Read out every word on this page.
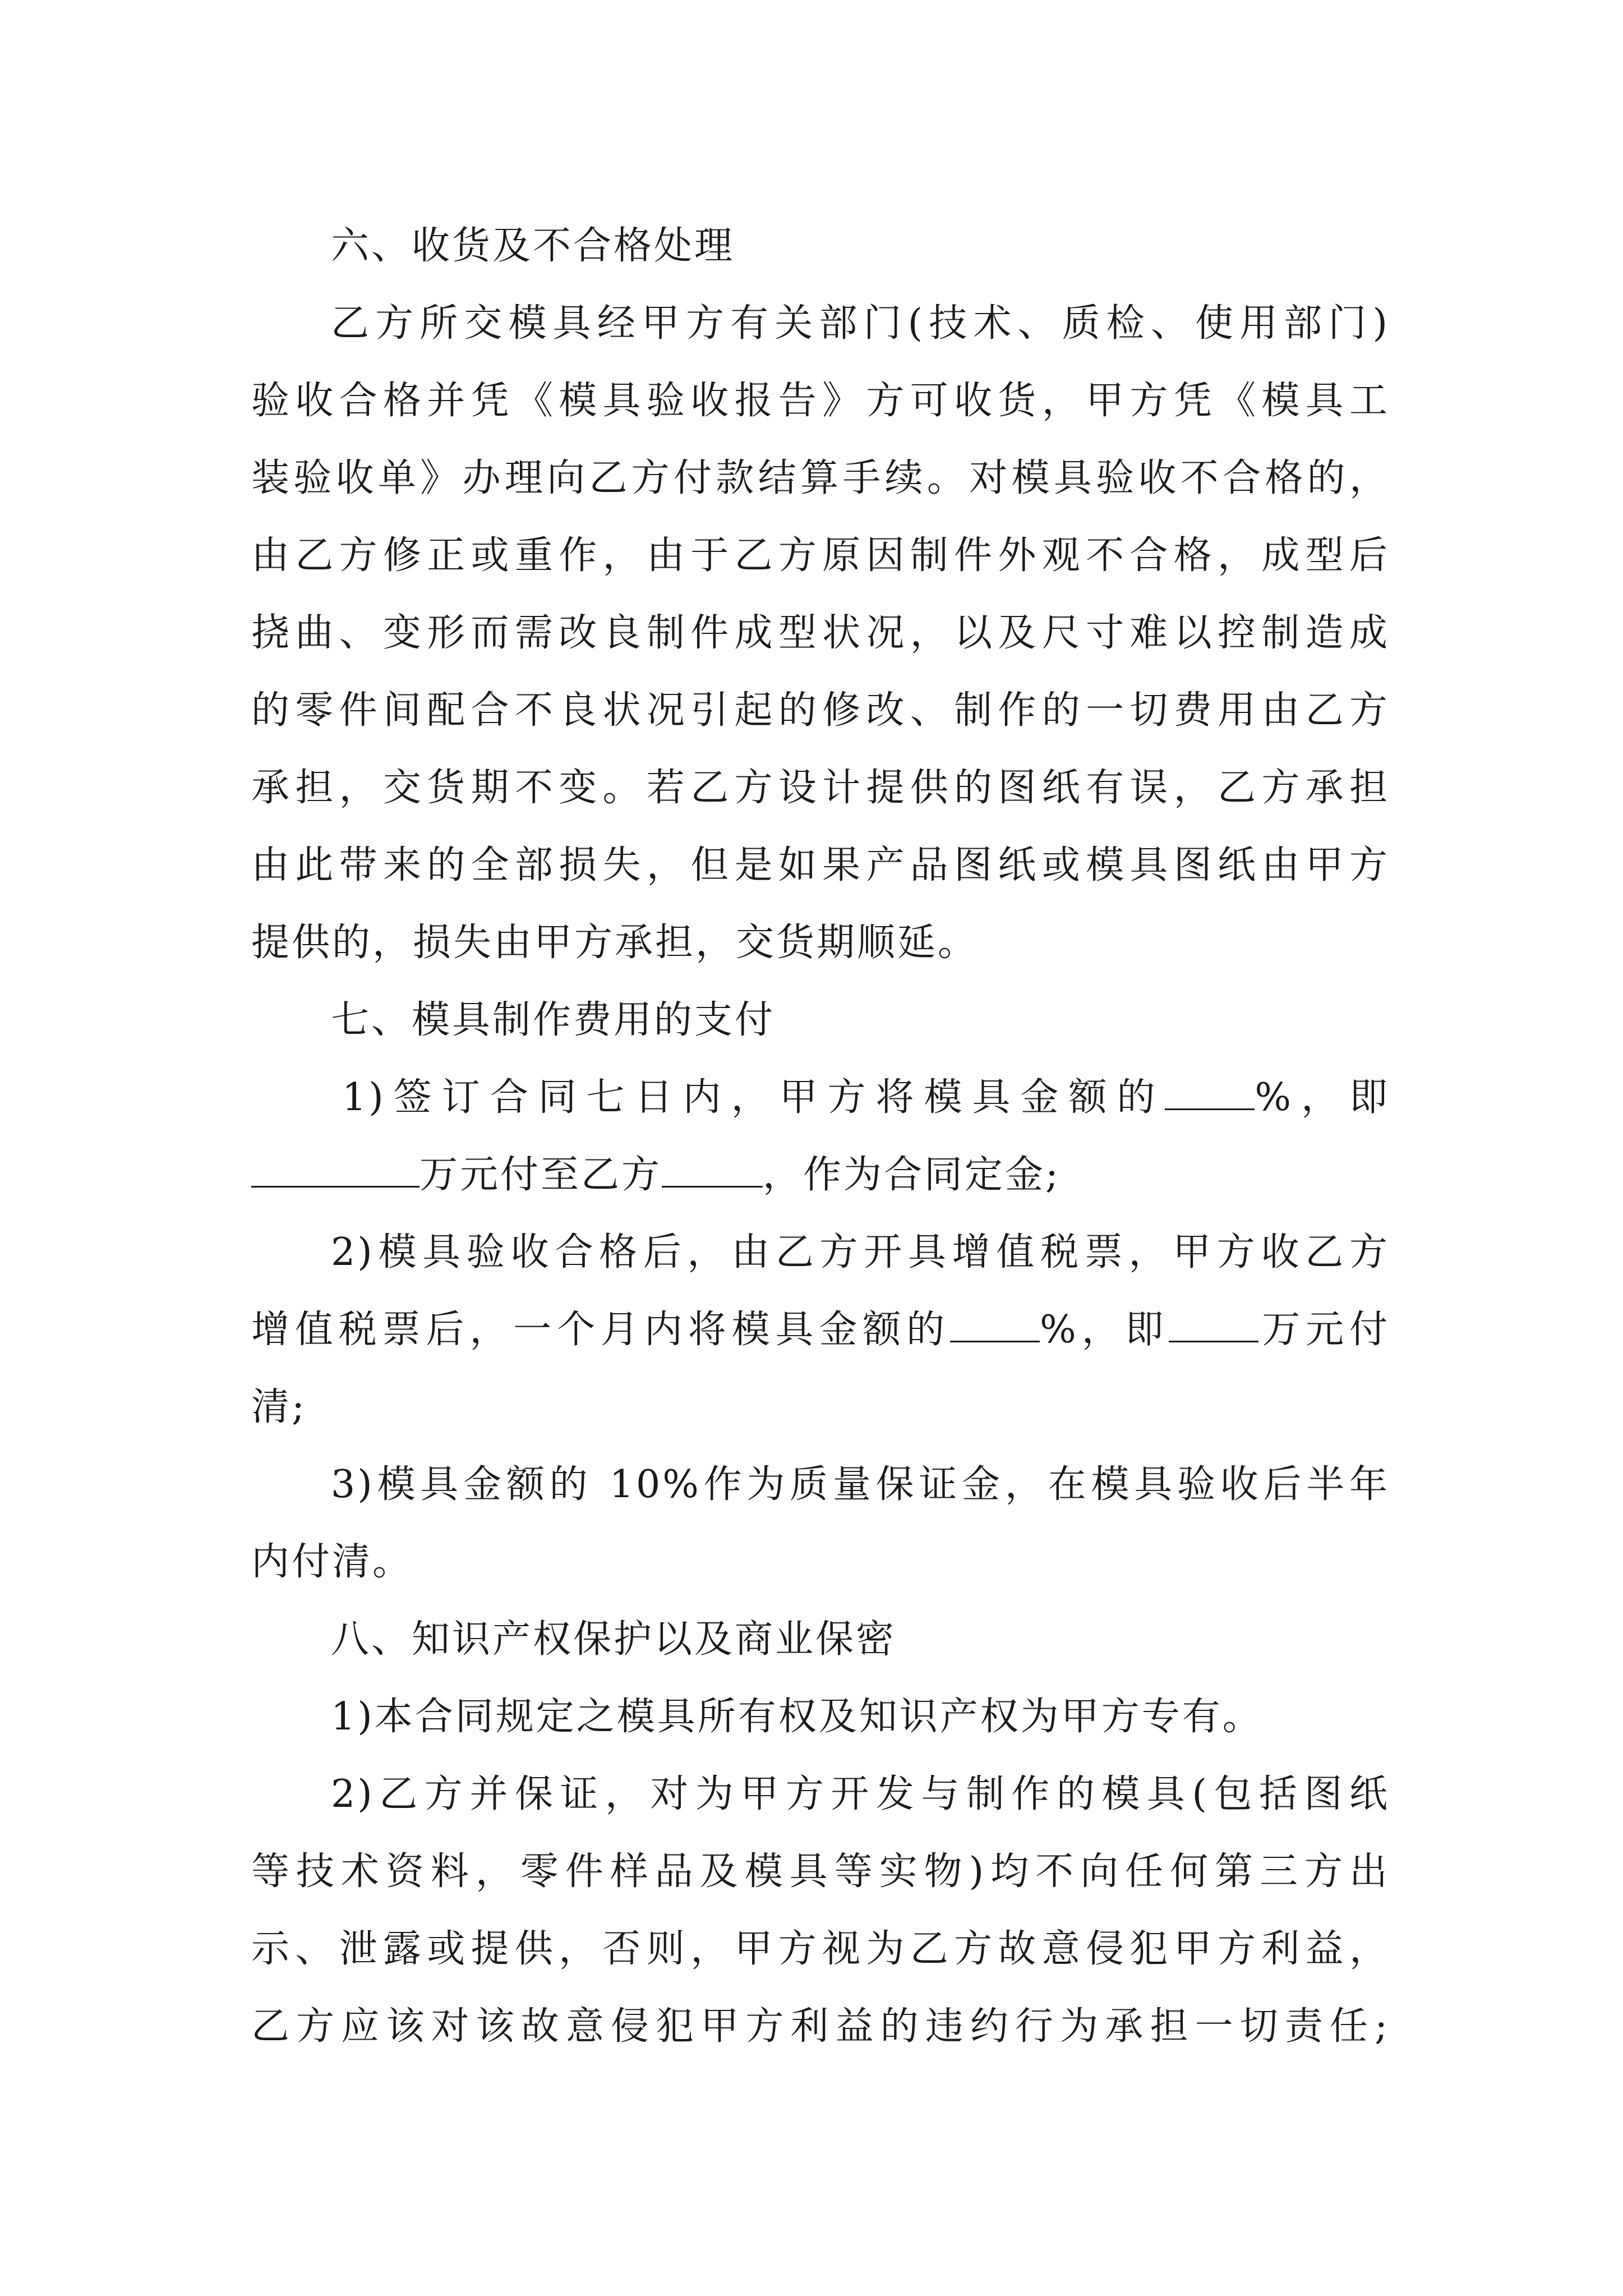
六、收货及不合格处理
乙方所交模具经甲方有关部门(技术、质检、使用部门)
验收合格并凭《模具验收报告》方可收货，甲方凭《模具工
装验收单》办理向乙方付款结算手续。对模具验收不合格的，
由乙方修正或重作，由于乙方原因制件外观不合格，成型后
挠曲、变形而需改良制件成型状况，以及尺寸难以控制造成
的零件间配合不良状况引起的修改、制作的一切费用由乙方
承担，交货期不变。若乙方设计提供的图纸有误，乙方承担
由此带来的全部损失，但是如果产品图纸或模具图纸由甲方
提供的，损失由甲方承担，交货期顺延。
七、模具制作费用的支付
1)签订合同七日内，甲方将模具金额的 %，即
万元付至乙方	，作为合同定金;
2)模具验收合格后，由乙方开具增值税票，甲方收乙方
增值税票后，一个月内将模具金额的 %，即 万元付
清;
3)模具金额的 10%作为质量保证金，在模具验收后半年
内付清。
八、知识产权保护以及商业保密
1)本合同规定之模具所有权及知识产权为甲方专有。
2)乙方并保证，对为甲方开发与制作的模具(包括图纸
等技术资料，零件样品及模具等实物)均不向任何第三方出
示、泄露或提供，否则，甲方视为乙方故意侵犯甲方利益，
乙方应该对该故意侵犯甲方利益的违约行为承担一切责任;
